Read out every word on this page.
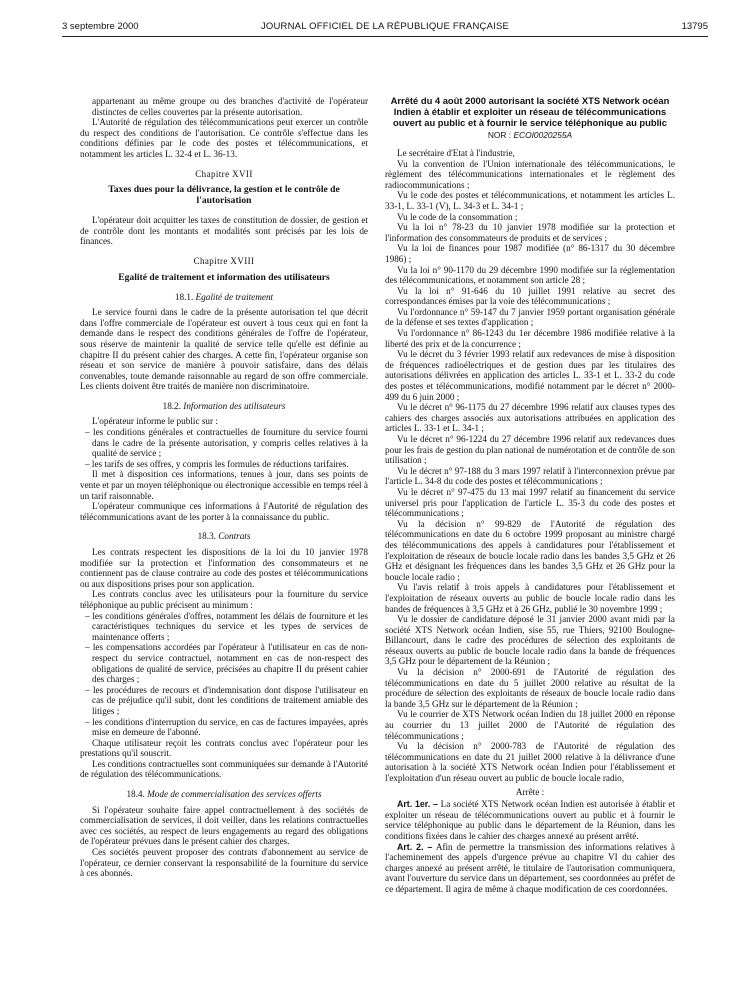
3 septembre 2000	JOURNAL OFFICIEL DE LA RÉPUBLIQUE FRANÇAISE	13795

appartenant au même groupe ou des branches d'activité de l'opérateur distinctes de celles couvertes par la présente autorisation.

L'Autorité de régulation des télécommunications peut exercer un contrôle du respect des conditions de l'autorisation. Ce contrôle s'effectue dans les conditions définies par le code des postes et télécommunications, et notamment les articles L. 32-4 et L. 36-13.

Chapitre XVII

Taxes dues pour la délivrance, la gestion et le contrôle de l'autorisation

L'opérateur doit acquitter les taxes de constitution de dossier, de gestion et de contrôle dont les montants et modalités sont précisés par les lois de finances.

Chapitre XVIII

Egalité de traitement et information des utilisateurs

18.1. Egalité de traitement

Le service fourni dans le cadre de la présente autorisation tel que décrit dans l'offre commerciale de l'opérateur est ouvert à tous ceux qui en font la demande dans le respect des conditions générales de l'offre de l'opérateur, sous réserve de maintenir la qualité de service telle qu'elle est définie au chapitre II du présent cahier des charges. A cette fin, l'opérateur organise son réseau et son service de manière à pouvoir satisfaire, dans des délais convenables, toute demande raisonnable au regard de son offre commerciale. Les clients doivent être traités de manière non discriminatoire.

18.2. Information des utilisateurs

L'opérateur informe le public sur :

– les conditions générales et contractuelles de fourniture du service fourni dans le cadre de la présente autorisation, y compris celles relatives à la qualité de service ;

– les tarifs de ses offres, y compris les formules de réductions tarifaires.

Il met à disposition ces informations, tenues à jour, dans ses points de vente et par un moyen téléphonique ou électronique accessible en temps réel à un tarif raisonnable.

L'opérateur communique ces informations à l'Autorité de régulation des télécommunications avant de les porter à la connaissance du public.

18.3. Contrats

Les contrats respectent les dispositions de la loi du 10 janvier 1978 modifiée sur la protection et l'information des consommateurs et ne contiennent pas de clause contraire au code des postes et télécommunications ou aux dispositions prises pour son application.

Les contrats conclus avec les utilisateurs pour la fourniture du service téléphonique au public précisent au minimum :

– les conditions générales d'offres, notamment les délais de fourniture et les caractéristiques techniques du service et les types de services de maintenance offerts ;

– les compensations accordées par l'opérateur à l'utilisateur en cas de non-respect du service contractuel, notamment en cas de non-respect des obligations de qualité de service, précisées au chapitre II du présent cahier des charges ;

– les procédures de recours et d'indemnisation dont dispose l'utilisateur en cas de préjudice qu'il subit, dont les conditions de traitement amiable des litiges ;

– les conditions d'interruption du service, en cas de factures impayées, après mise en demeure de l'abonné.

Chaque utilisateur reçoit les contrats conclus avec l'opérateur pour les prestations qu'il souscrit.

Les conditions contractuelles sont communiquées sur demande à l'Autorité de régulation des télécommunications.

18.4. Mode de commercialisation des services offerts

Si l'opérateur souhaite faire appel contractuellement à des sociétés de commercialisation de services, il doit veiller, dans les relations contractuelles avec ces sociétés, au respect de leurs engagements au regard des obligations de l'opérateur prévues dans le présent cahier des charges.

Ces sociétés peuvent proposer des contrats d'abonnement au service de l'opérateur, ce dernier conservant la responsabilité de la fourniture du service à ces abonnés.

Arrêté du 4 août 2000 autorisant la société XTS Network océan Indien à établir et exploiter un réseau de télécommunications ouvert au public et à fournir le service téléphonique au public

NOR : ECOI0020255A

Le secrétaire d'Etat à l'industrie,

Vu la convention de l'Union internationale des télécommunications, le règlement des télécommunications internationales et le règlement des radiocommunications ;

Vu le code des postes et télécommunications, et notamment les articles L. 33-1, L. 33-1 (V), L. 34-3 et L. 34-1 ;

Vu le code de la consommation ;

Vu la loi n° 78-23 du 10 janvier 1978 modifiée sur la protection et l'information des consommateurs de produits et de services ;

Vu la loi de finances pour 1987 modifiée (n° 86-1317 du 30 décembre 1986) ;

Vu la loi n° 90-1170 du 29 décembre 1990 modifiée sur la réglementation des télécommunications, et notamment son article 28 ;

Vu la loi n° 91-646 du 10 juillet 1991 relative au secret des correspondances émises par la voie des télécommunications ;

Vu l'ordonnance n° 59-147 du 7 janvier 1959 portant organisation générale de la défense et ses textes d'application ;

Vu l'ordonnance n° 86-1243 du 1er décembre 1986 modifiée relative à la liberté des prix et de la concurrence ;

Vu le décret du 3 février 1993 relatif aux redevances de mise à disposition de fréquences radioélectriques et de gestion dues par les titulaires des autorisations délivrées en application des articles L. 33-1 et L. 33-2 du code des postes et télécommunications, modifié notamment par le décret n° 2000-499 du 6 juin 2000 ;

Vu le décret n° 96-1175 du 27 décembre 1996 relatif aux clauses types des cahiers des charges associés aux autorisations attribuées en application des articles L. 33-1 et L. 34-1 ;

Vu le décret n° 96-1224 du 27 décembre 1996 relatif aux redevances dues pour les frais de gestion du plan national de numérotation et de contrôle de son utilisation ;

Vu le décret n° 97-188 du 3 mars 1997 relatif à l'interconnexion prévue par l'article L. 34-8 du code des postes et télécommunications ;

Vu le décret n° 97-475 du 13 mai 1997 relatif au financement du service universel pris pour l'application de l'article L. 35-3 du code des postes et télécommunications ;

Vu la décision n° 99-829 de l'Autorité de régulation des télécommunications en date du 6 octobre 1999 proposant au ministre chargé des télécommunications des appels à candidatures pour l'établissement et l'exploitation de réseaux de boucle locale radio dans les bandes 3,5 GHz et 26 GHz et désignant les fréquences dans les bandes 3,5 GHz et 26 GHz pour la boucle locale radio ;

Vu l'avis relatif à trois appels à candidatures pour l'établissement et l'exploitation de réseaux ouverts au public de boucle locale radio dans les bandes de fréquences à 3,5 GHz et à 26 GHz, publié le 30 novembre 1999 ;

Vu le dossier de candidature déposé le 31 janvier 2000 avant midi par la société XTS Network océan Indien, sise 55, rue Thiers, 92100 Boulogne-Billancourt, dans le cadre des procédures de sélection des exploitants de réseaux ouverts au public de boucle locale radio dans la bande de fréquences 3,5 GHz pour le département de la Réunion ;

Vu la décision n° 2000-691 de l'Autorité de régulation des télécommunications en date du 5 juillet 2000 relative au résultat de la procédure de sélection des exploitants de réseaux de boucle locale radio dans la bande 3,5 GHz sur le département de la Réunion ;

Vu le courrier de XTS Network océan Indien du 18 juillet 2000 en réponse au courrier du 13 juillet 2000 de l'Autorité de régulation des télécommunications ;

Vu la décision n° 2000-783 de l'Autorité de régulation des télécommunications en date du 21 juillet 2000 relative à la délivrance d'une autorisation à la société XTS Network océan Indien pour l'établissement et l'exploitation d'un réseau ouvert au public de boucle locale radio,

Arrête :

Art. 1er. – La société XTS Network océan Indien est autorisée à établir et exploiter un réseau de télécommunications ouvert au public et à fournir le service téléphonique au public dans le département de la Réunion, dans les conditions fixées dans le cahier des charges annexé au présent arrêté.

Art. 2. – Afin de permettre la transmission des informations relatives à l'acheminement des appels d'urgence prévue au chapitre VI du cahier des charges annexé au présent arrêté, le titulaire de l'autorisation communiquera, avant l'ouverture du service dans un département, ses coordonnées au préfet de ce département. Il agira de même à chaque modification de ces coordonnées.
